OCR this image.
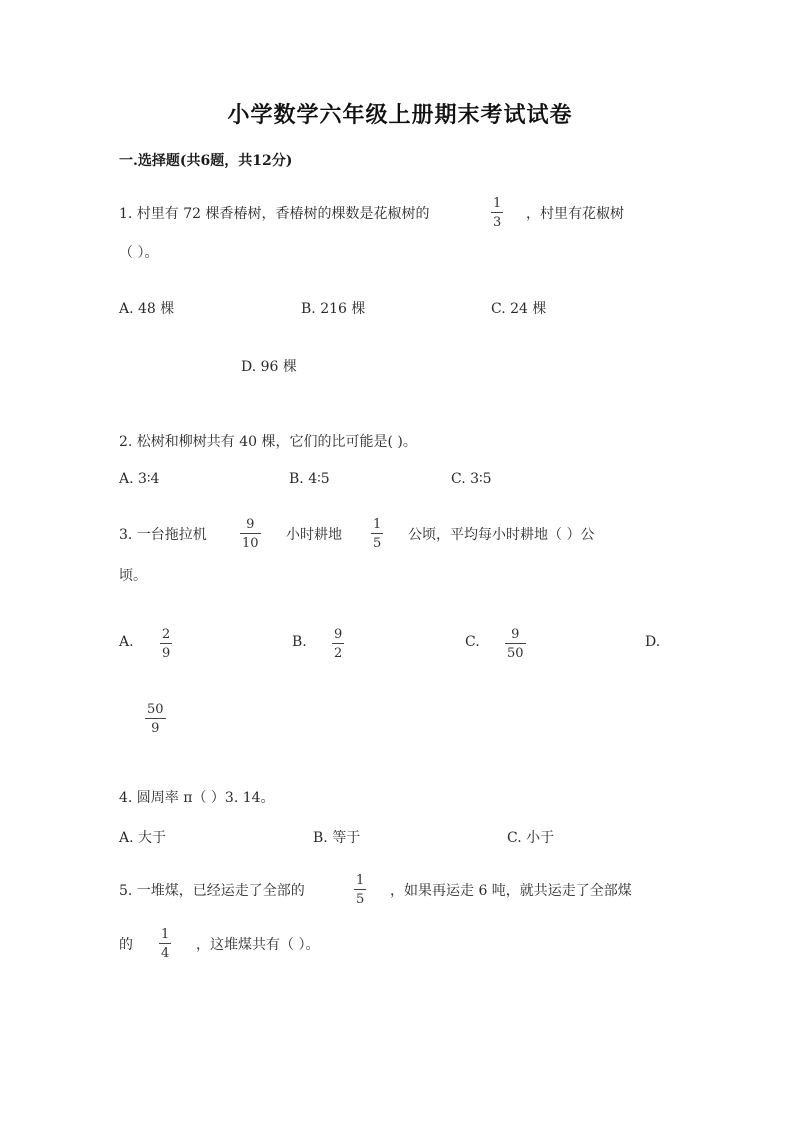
小学数学六年级上册期末考试试卷
一.选择题(共6题，共12分)
1. 村里有 72 棵香椿树，香椿树的棵数是花椒树的
1
3
，村里有花椒树
（ ）。
A. 48 棵	B. 216 棵	C. 24 棵
D. 96 棵
2. 松树和柳树共有 40 棵，它们的比可能是( )。
A. 3∶4	B. 4∶5	C. 3∶5
3. 一台拖拉机
9
10
小时耕地
1
5
公顷，平均每小时耕地（ ）公
顷。
A. 2
9
B. 9
2
C. 9
50
D.
50
9
4. 圆周率 π（ ）3. 14。
A. 大于	B. 等于	C. 小于
5. 一堆煤，已经运走了全部的
1
5
，如果再运走 6 吨，就共运走了全部煤
的
1
4
，这堆煤共有（ ）。
